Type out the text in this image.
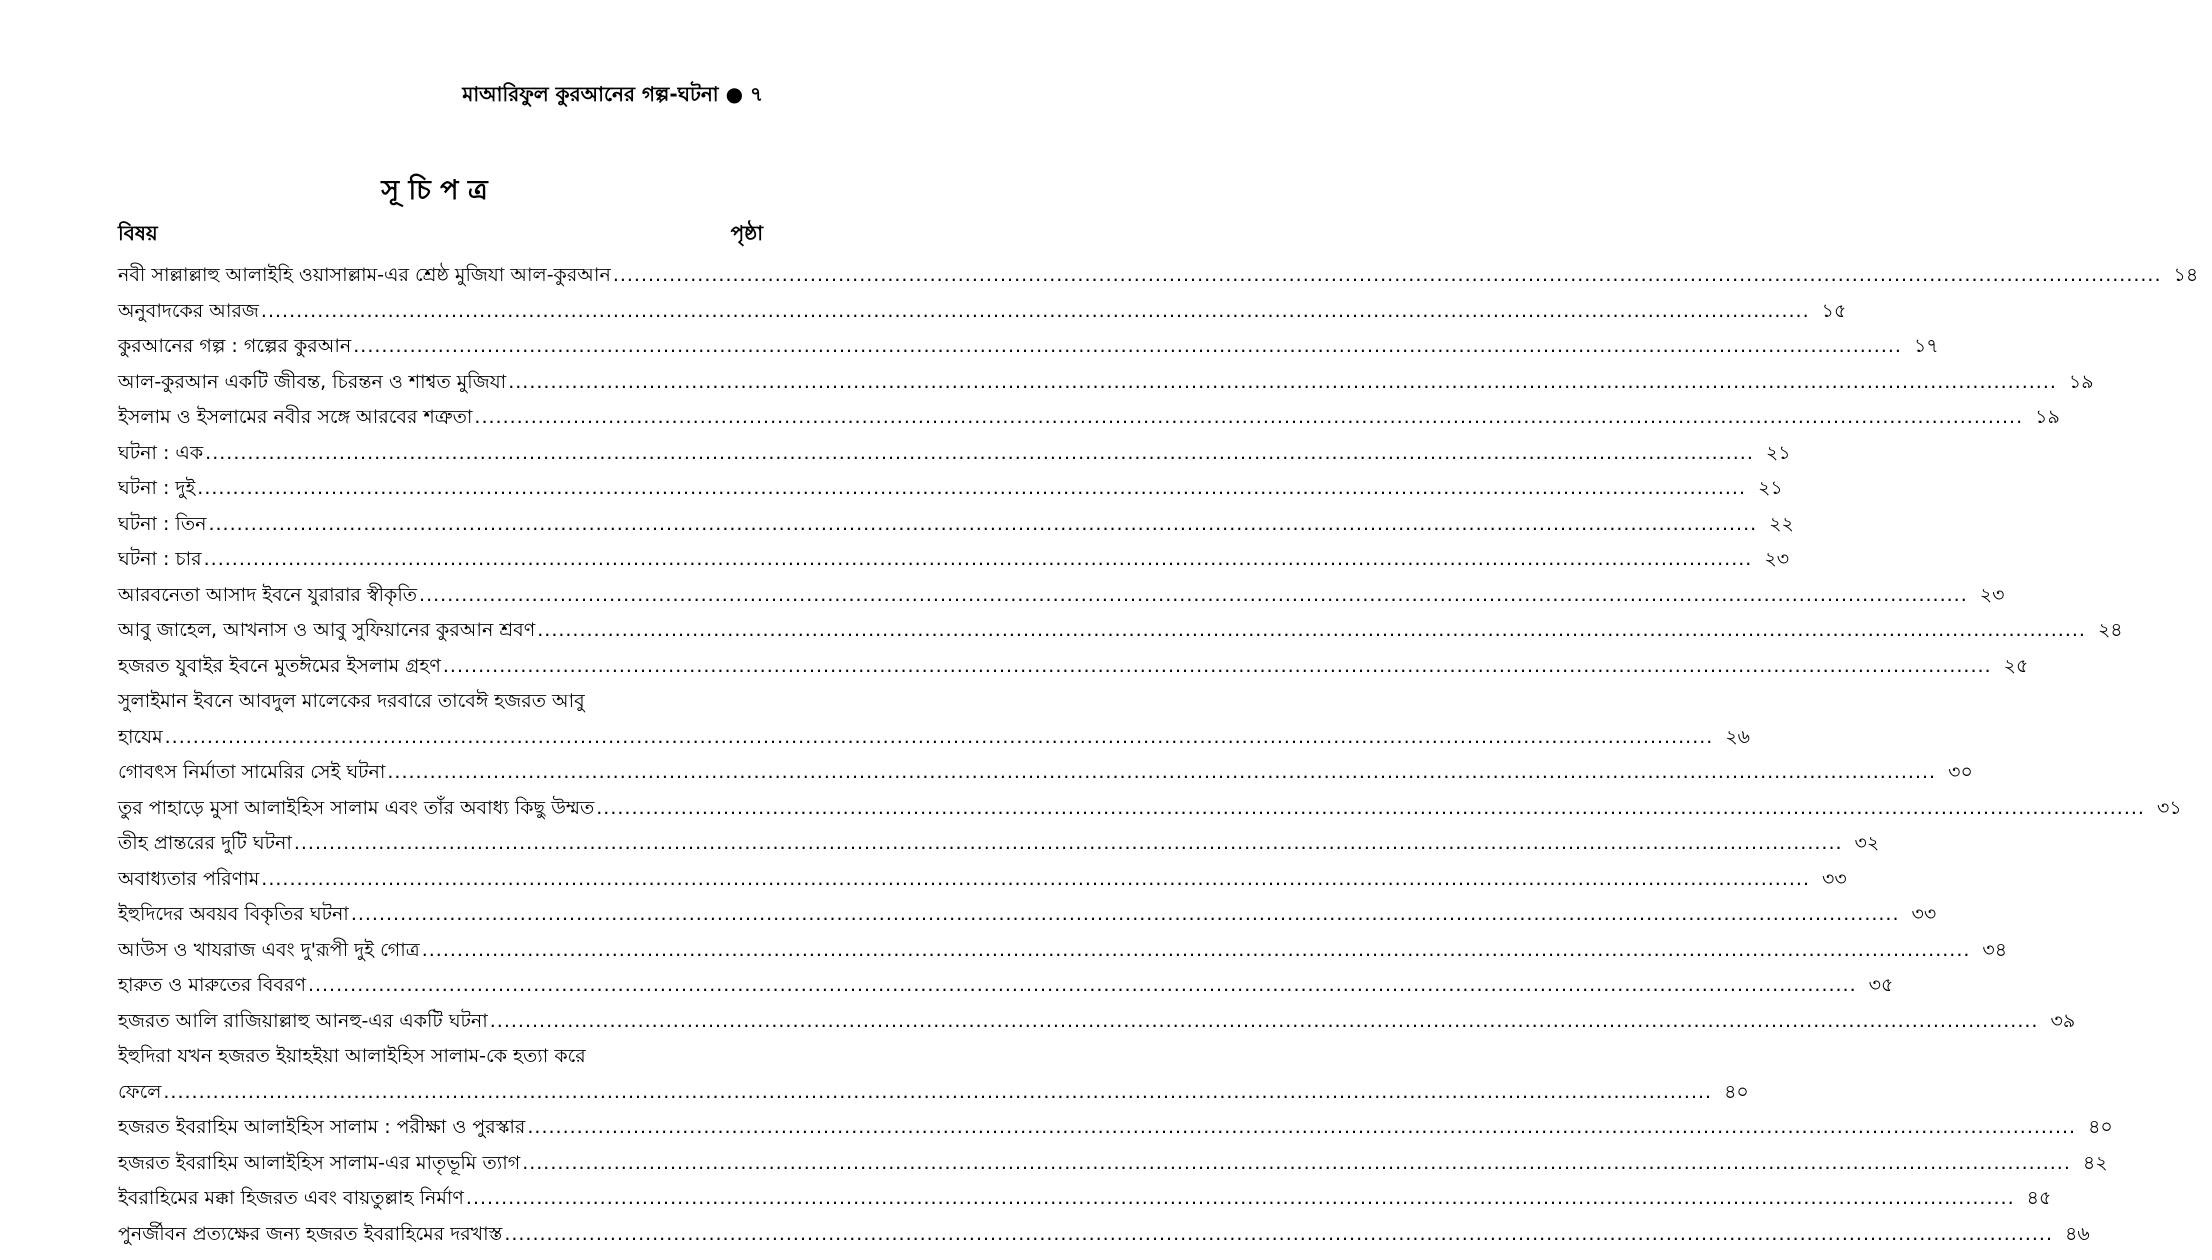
মাআরিফুল কুরআনের গল্প-ঘটনা ● ৭
সূ চি প ত্র
বিষয়	পৃষ্ঠা
নবী সাল্লাল্লাহু আলাইহি ওয়াসাল্লাম-এর শ্রেষ্ঠ মুজিযা আল-কুরআন ............................................................................................................................................................................................................................ ১৪
অনুবাদকের আরজ ............................................................................................................................................................................................................................ ১৫
কুরআনের গল্প : গল্পের কুরআন ............................................................................................................................................................................................................................ ১৭
আল-কুরআন একটি জীবন্ত, চিরন্তন ও শাশ্বত মুজিযা ............................................................................................................................................................................................................................ ১৯
ইসলাম ও ইসলামের নবীর সঙ্গে আরবের শত্রুতা ............................................................................................................................................................................................................................ ১৯
ঘটনা : এক ............................................................................................................................................................................................................................ ২১
ঘটনা : দুই ............................................................................................................................................................................................................................ ২১
ঘটনা : তিন ............................................................................................................................................................................................................................ ২২
ঘটনা : চার ............................................................................................................................................................................................................................ ২৩
আরবনেতা আসাদ ইবনে যুরারার স্বীকৃতি ............................................................................................................................................................................................................................ ২৩
আবু জাহেল, আখনাস ও আবু সুফিয়ানের কুরআন শ্রবণ ............................................................................................................................................................................................................................ ২৪
হজরত যুবাইর ইবনে মুতঈমের ইসলাম গ্রহণ ............................................................................................................................................................................................................................ ২৫
সুলাইমান ইবনে আবদুল মালেকের দরবারে তাবেঈ হজরত আবু
হাযেম ............................................................................................................................................................................................................................ ২৬
গোবৎস নির্মাতা সামেরির সেই ঘটনা ............................................................................................................................................................................................................................ ৩০
তুর পাহাড়ে মুসা আলাইহিস সালাম এবং তাঁর অবাধ্য কিছু উম্মত ............................................................................................................................................................................................................................ ৩১
তীহ প্রান্তরের দুটি ঘটনা ............................................................................................................................................................................................................................ ৩২
অবাধ্যতার পরিণাম ............................................................................................................................................................................................................................ ৩৩
ইহুদিদের অবয়ব বিকৃতির ঘটনা ............................................................................................................................................................................................................................ ৩৩
আউস ও খাযরাজ এবং দু'রূপী দুই গোত্র ............................................................................................................................................................................................................................ ৩৪
হারুত ও মারুতের বিবরণ ............................................................................................................................................................................................................................ ৩৫
হজরত আলি রাজিয়াল্লাহু আনহু-এর একটি ঘটনা ............................................................................................................................................................................................................................ ৩৯
ইহুদিরা যখন হজরত ইয়াহইয়া আলাইহিস সালাম-কে হত্যা করে
ফেলে ............................................................................................................................................................................................................................ ৪০
হজরত ইবরাহিম আলাইহিস সালাম : পরীক্ষা ও পুরস্কার ............................................................................................................................................................................................................................ ৪০
হজরত ইবরাহিম আলাইহিস সালাম-এর মাতৃভূমি ত্যাগ ............................................................................................................................................................................................................................ ৪২
ইবরাহিমের মক্কা হিজরত এবং বায়তুল্লাহ নির্মাণ ............................................................................................................................................................................................................................ ৪৫
পুনর্জীবন প্রত্যক্ষের জন্য হজরত ইবরাহিমের দরখাস্ত ............................................................................................................................................................................................................................ ৪৬
